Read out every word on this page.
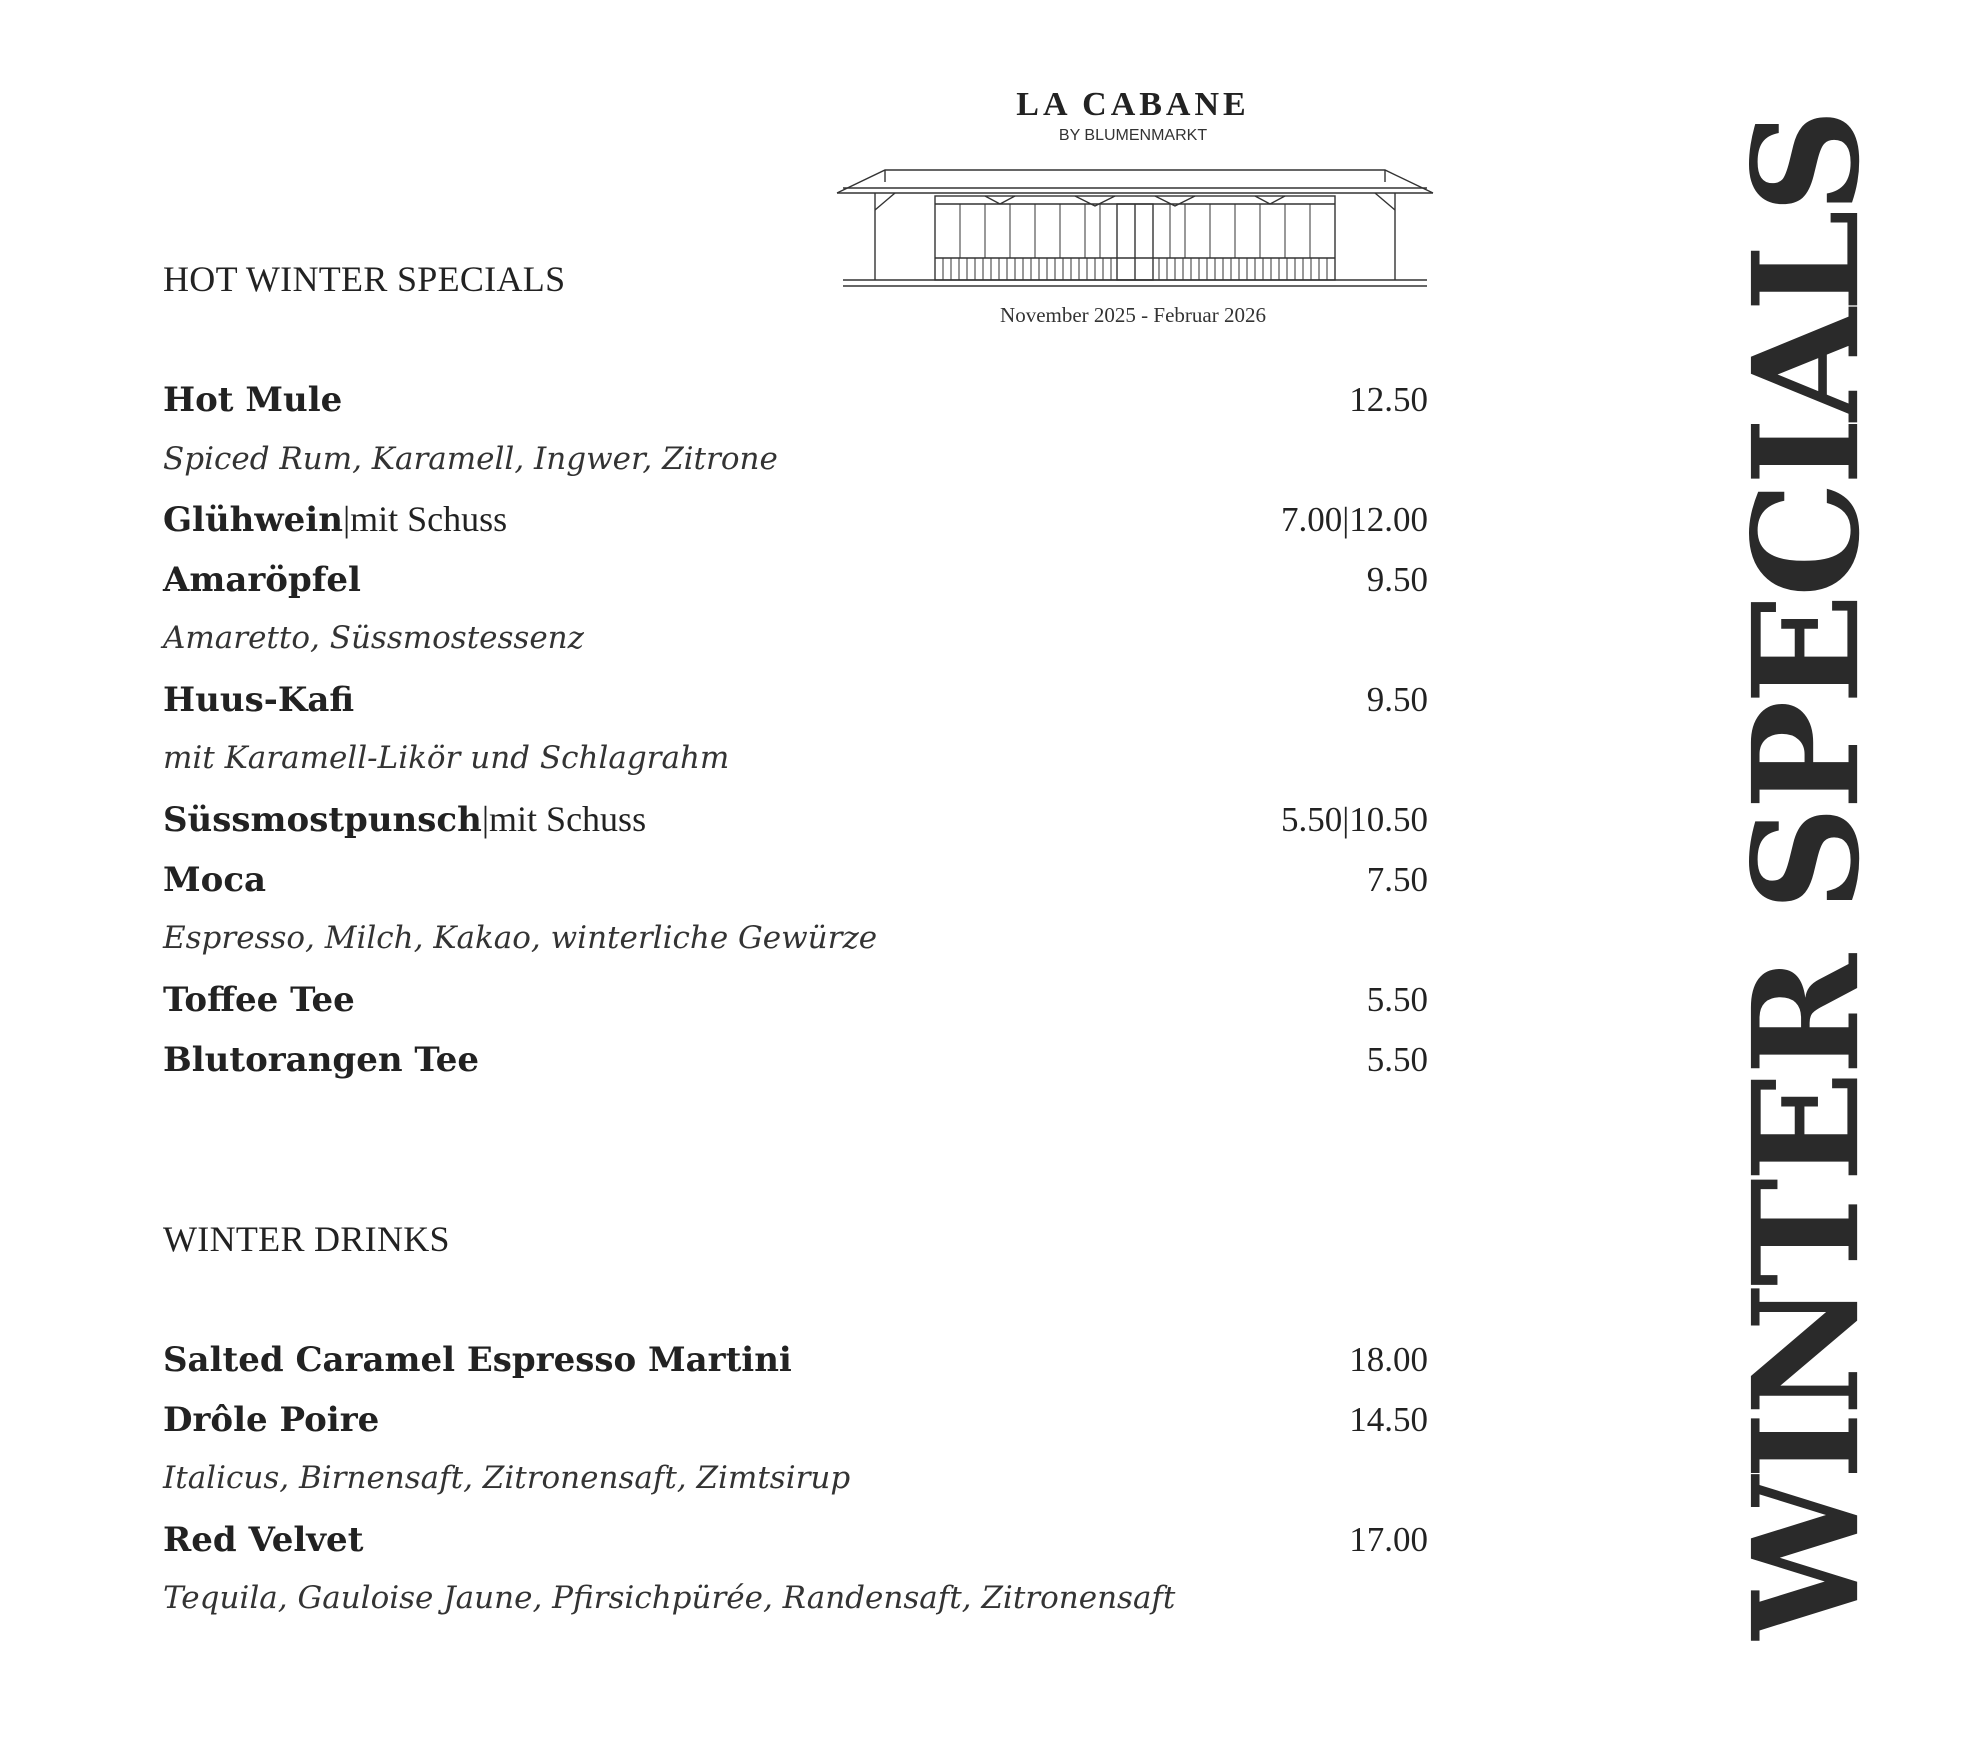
LA CABANE
BY BLUMENMARKT
November 2025 - Februar 2026
HOT WINTER SPECIALS
Hot Mule	12.50
Spiced Rum, Karamell, Ingwer, Zitrone
Glühwein|mit Schuss	7.00|12.00
Amaröpfel	9.50
Amaretto, Süssmostessenz
Huus-Kafi	9.50
mit Karamell-Likör und Schlagrahm
Süssmostpunsch|mit Schuss	5.50|10.50
Moca	7.50
Espresso, Milch, Kakao, winterliche Gewürze
Toffee Tee	5.50
Blutorangen Tee	5.50
WINTER DRINKS
Salted Caramel Espresso Martini	18.00
Drôle Poire	14.50
Italicus, Birnensaft, Zitronensaft, Zimtsirup
Red Velvet	17.00
Tequila, Gauloise Jaune, Pfirsichpürée, Randensaft, Zitronensaft	WINTER SPECIALS
